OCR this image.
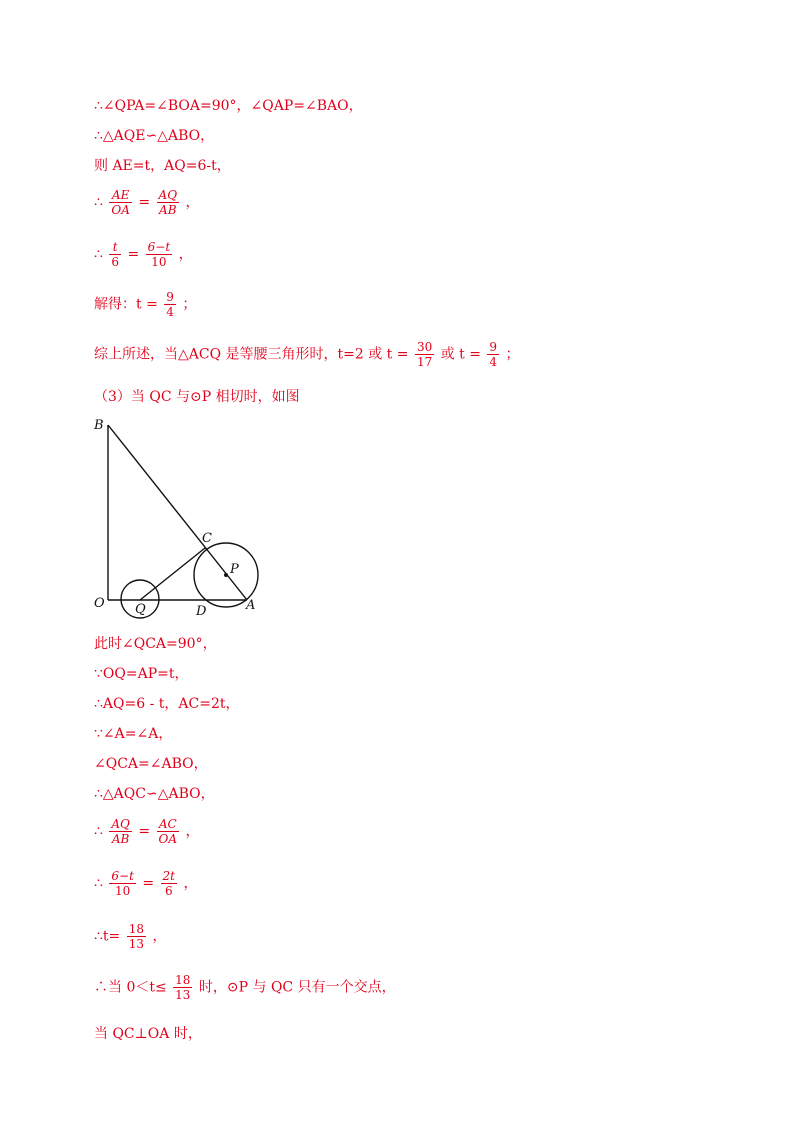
∴∠QPA=∠BOA=90°，∠QAP=∠BAO，
∴△AQE∽△ABO，
则 AE=t，AQ=6-t，
∴ $\frac{AE}{OA} = \frac{AQ}{AB}$ ，
∴ $\frac{t}{6} = \frac{6-t}{10}$ ，
解得：$t = \frac{9}{4}$ ；
综上所述，当△ACQ 是等腰三角形时，t=2 或 $t = \frac{30}{17}$ 或 $t = \frac{9}{4}$ ；
（3）当 QC 与⊙P 相切时，如图
B
C
P
O Q	D	A
此时∠QCA=90°，
∵OQ=AP=t，
∴AQ=6 - t，AC=2t，
∵∠A=∠A，
∠QCA=∠ABO，
∴△AQC∽△ABO，
∴ $\frac{AQ}{AB} = \frac{AC}{OA}$ ，
∴ $\frac{6-t}{10} = \frac{2t}{6}$ ，
∴t= $\frac{18}{13}$ ，
∴当 $0<t\le \frac{18}{13}$ 时，⊙P 与 QC 只有一个交点，
当 QC⊥OA 时，
